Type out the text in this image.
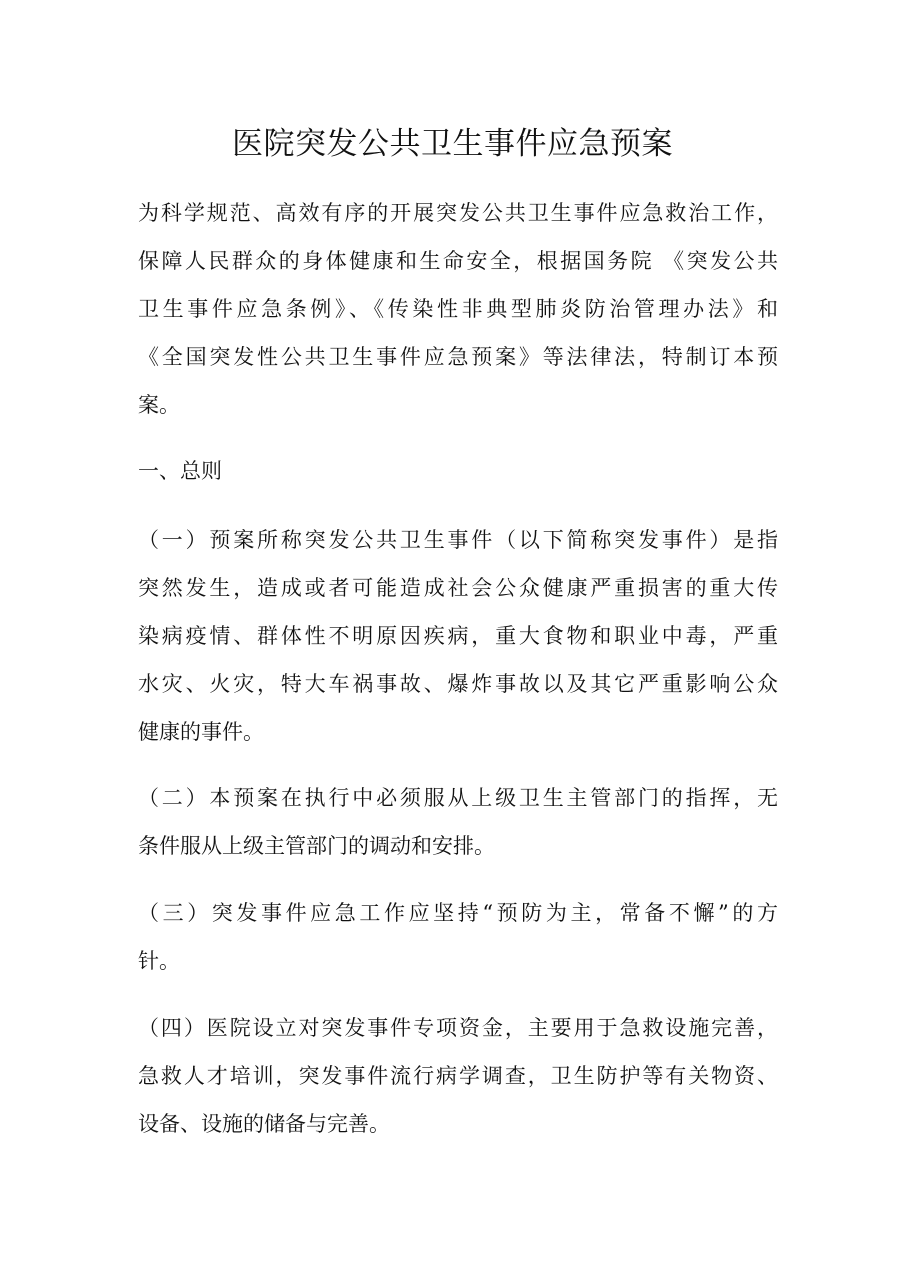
医院突发公共卫生事件应急预案

为科学规范、高效有序的开展突发公共卫生事件应急救治工作，

保障人民群众的身体健康和生命安全，根据国务院 《突发公共

卫生事件应急条例》、《传染性非典型肺炎防治管理办法》和

《全国突发性公共卫生事件应急预案》等法律法，特制订本预

案。

一、总则

（一）预案所称突发公共卫生事件（以下简称突发事件）是指

突然发生，造成或者可能造成社会公众健康严重损害的重大传

染病疫情、群体性不明原因疾病，重大食物和职业中毒，严重

水灾、火灾，特大车祸事故、爆炸事故以及其它严重影响公众

健康的事件。

（二）本预案在执行中必须服从上级卫生主管部门的指挥，无

条件服从上级主管部门的调动和安排。

（三）突发事件应急工作应坚持“预防为主，常备不懈”的方

针。

（四）医院设立对突发事件专项资金，主要用于急救设施完善，

急救人才培训，突发事件流行病学调查，卫生防护等有关物资、

设备、设施的储备与完善。
